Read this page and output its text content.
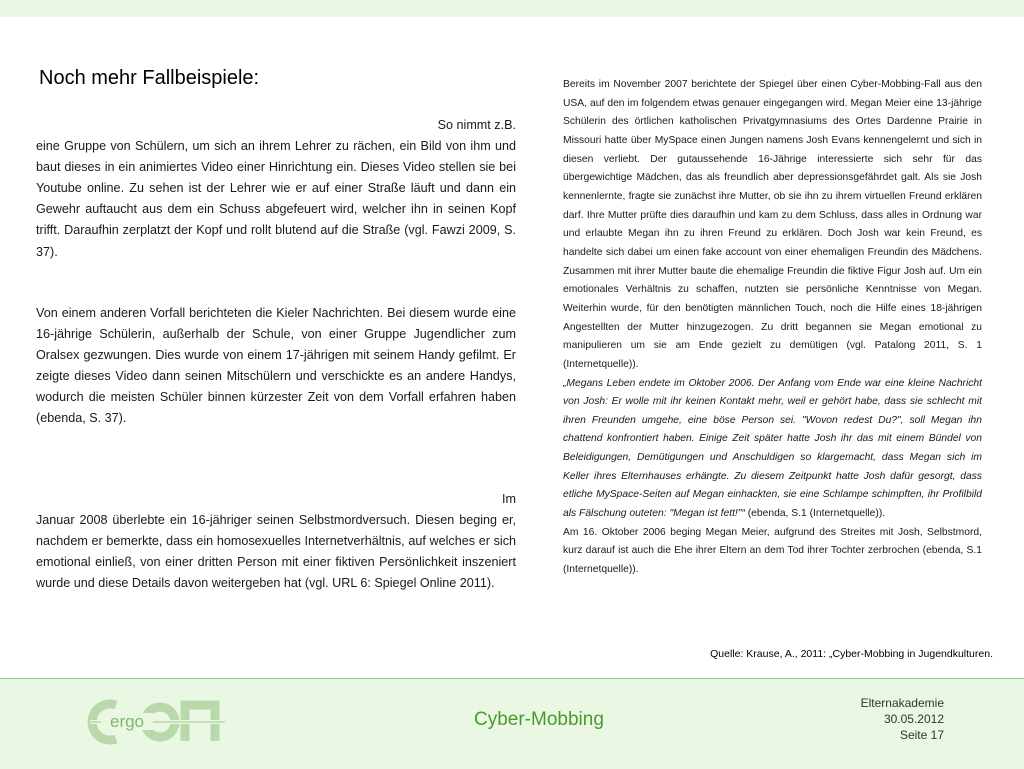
Noch mehr Fallbeispiele:
So nimmt z.B.

eine Gruppe von Schülern, um sich an ihrem Lehrer zu rächen, ein Bild von ihm und baut dieses in ein animiertes Video einer Hinrichtung ein. Dieses Video stellen sie bei Youtube online. Zu sehen ist der Lehrer wie er auf einer Straße läuft und dann ein Gewehr auftaucht aus dem ein Schuss abgefeuert wird, welcher ihn in seinen Kopf trifft. Daraufhin zerplatzt der Kopf und rollt blutend auf die Straße (vgl. Fawzi 2009, S. 37).

Von einem anderen Vorfall berichteten die Kieler Nachrichten. Bei diesem wurde eine 16-jährige Schülerin, außerhalb der Schule, von einer Gruppe Jugendlicher zum Oralsex gezwungen. Dies wurde von einem 17-jährigen mit seinem Handy gefilmt. Er zeigte dieses Video dann seinen Mitschülern und verschickte es an andere Handys, wodurch die meisten Schüler binnen kürzester Zeit von dem Vorfall erfahren haben (ebenda, S. 37).

Im

Januar 2008 überlebte ein 16-jähriger seinen Selbstmordversuch. Diesen beging er, nachdem er bemerkte, dass ein homosexuelles Internetverhältnis, auf welches er sich emotional einließ, von einer dritten Person mit einer fiktiven Persönlichkeit inszeniert wurde und diese Details davon weitergeben hat (vgl. URL 6: Spiegel Online 2011).

Bereits im November 2007 berichtete der Spiegel über einen Cyber-Mobbing-Fall aus den USA, auf den im folgendem etwas genauer eingegangen wird. Megan Meier eine 13-jährige Schülerin des örtlichen katholischen Privatgymnasiums des Ortes Dardenne Prairie in Missouri hatte über MySpace einen Jungen namens Josh Evans kennengelernt und sich in diesen verliebt. Der gutaussehende 16-Jährige interessierte sich sehr für das übergewichtige Mädchen, das als freundlich aber depressionsgefährdet galt. Als sie Josh kennenlernte, fragte sie zunächst ihre Mutter, ob sie ihn zu ihrem virtuellen Freund erklären darf. Ihre Mutter prüfte dies daraufhin und kam zu dem Schluss, dass alles in Ordnung war und erlaubte Megan ihn zu ihren Freund zu erklären. Doch Josh war kein Freund, es handelte sich dabei um einen fake account von einer ehemaligen Freundin des Mädchens. Zusammen mit ihrer Mutter baute die ehemalige Freundin die fiktive Figur Josh auf. Um ein emotionales Verhältnis zu schaffen, nutzten sie persönliche Kenntnisse von Megan. Weiterhin wurde, für den benötigten männlichen Touch, noch die Hilfe eines 18-jährigen Angestellten der Mutter hinzugezogen. Zu dritt begannen sie Megan emotional zu manipulieren um sie am Ende gezielt zu demütigen (vgl. Patalong 2011, S. 1 (Internetquelle)).

„Megans Leben endete im Oktober 2006. Der Anfang vom Ende war eine kleine Nachricht von Josh: Er wolle mit ihr keinen Kontakt mehr, weil er gehört habe, dass sie schlecht mit ihren Freunden umgehe, eine böse Person sei. "Wovon redest Du?", soll Megan ihn chattend konfrontiert haben. Einige Zeit später hatte Josh ihr das mit einem Bündel von Beleidigungen, Demütigungen und Anschuldigen so klargemacht, dass Megan sich im Keller ihres Elternhauses erhängte. Zu diesem Zeitpunkt hatte Josh dafür gesorgt, dass etliche MySpace-Seiten auf Megan einhackten, sie eine Schlampe schimpften, ihr Profilbild als Fälschung outeten: "Megan ist fett!"“ (ebenda, S.1 (Internetquelle)).

Am 16. Oktober 2006 beging Megan Meier, aufgrund des Streites mit Josh, Selbstmord, kurz darauf ist auch die Ehe ihrer Eltern an dem Tod ihrer Tochter zerbrochen (ebenda, S.1 (Internetquelle)).

Quelle: Krause, A., 2011: „Cyber-Mobbing in Jugendkulturen.
ergo	Cyber-Mobbing
Elternakademie
30.05.2012
Seite 17
